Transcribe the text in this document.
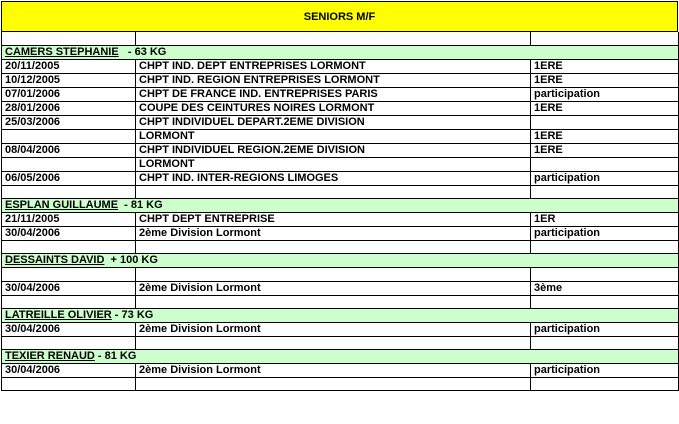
SENIORS M/F

CAMERS STEPHANIE   - 63 KG		
20/11/2005	CHPT IND. DEPT ENTREPRISES LORMONT	1ERE
10/12/2005	CHPT IND. REGION ENTREPRISES LORMONT	1ERE
07/01/2006	CHPT DE FRANCE IND. ENTREPRISES PARIS	participation
28/01/2006	COUPE DES CEINTURES NOIRES LORMONT	1ERE
25/03/2006	CHPT INDIVIDUEL DEPART.2EME DIVISION	
	LORMONT	1ERE
08/04/2006	CHPT INDIVIDUEL REGION.2EME DIVISION	1ERE
	LORMONT	
06/05/2006	CHPT IND. INTER-REGIONS LIMOGES	participation

ESPLAN GUILLAUME  - 81 KG		
21/11/2005	CHPT DEPT ENTREPRISE	1ER
30/04/2006	2ème Division Lormont	participation

DESSAINTS DAVID  + 100 KG		

30/04/2006	2ème Division Lormont	3ème

LATREILLE OLIVIER - 73 KG		
30/04/2006	2ème Division Lormont	participation

TEXIER RENAUD - 81 KG		
30/04/2006	2ème Division Lormont	participation
